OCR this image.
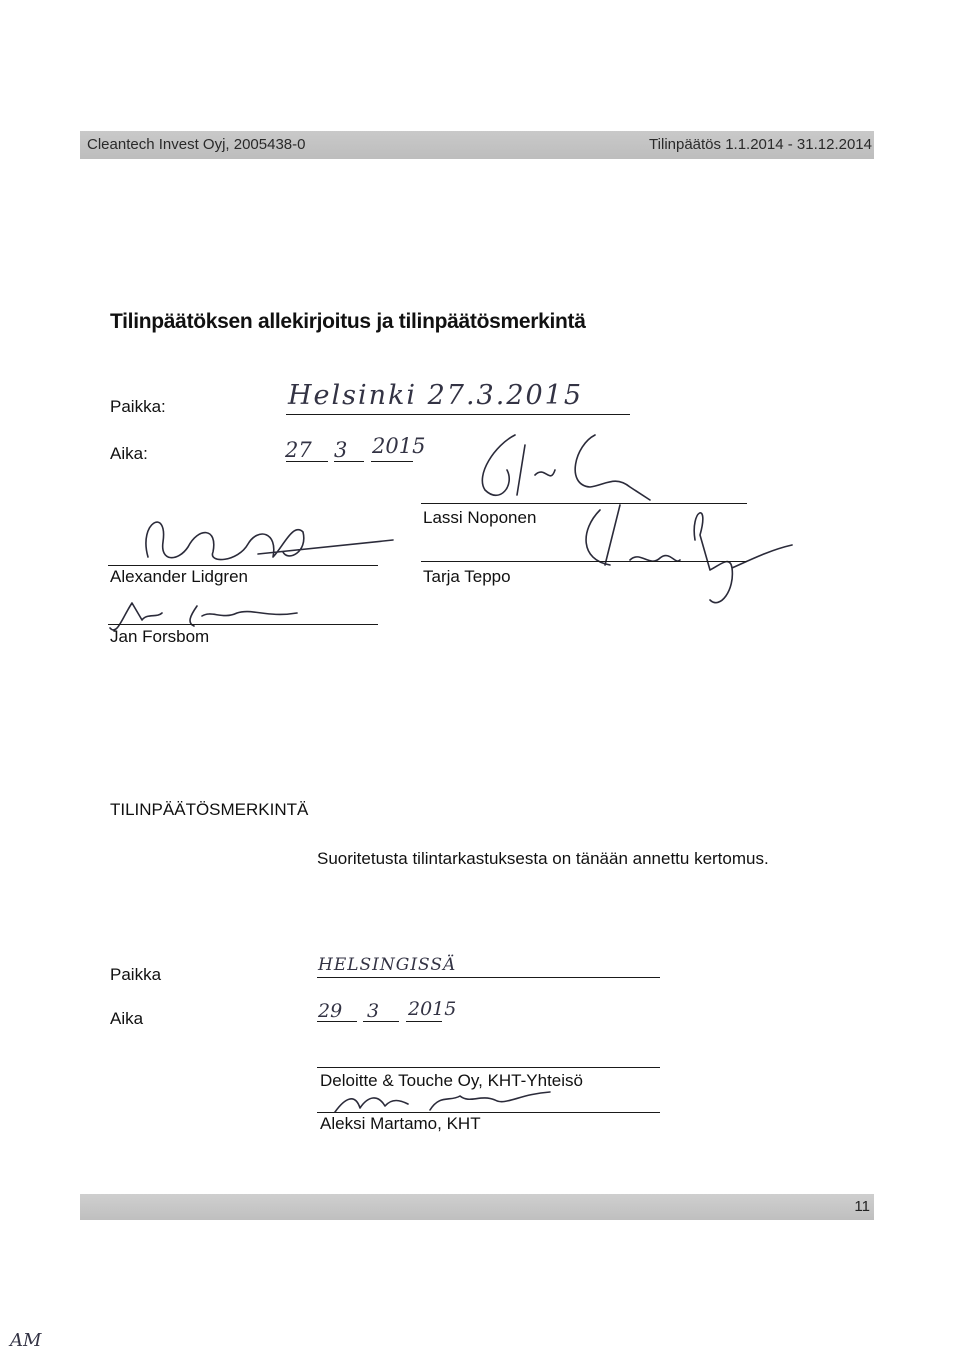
Cleantech Invest Oyj, 2005438-0	Tilinpäätös 1.1.2014 - 31.12.2014
Tilinpäätöksen allekirjoitus ja tilinpäätösmerkintä
Paikka:	Helsinki 27.3.2015
Aika:	27 3 2015
Lassi Noponen
Alexander Lidgren	Tarja Teppo
Jan Forsbom
TILINPÄÄTÖSMERKINTÄ
Suoritetusta tilintarkastuksesta on tänään annettu kertomus.
Paikka	HELSINGISSÄ
Aika	29 3 2015
Deloitte & Touche Oy, KHT-Yhteisö
Aleksi Martamo, KHT
11
AM
